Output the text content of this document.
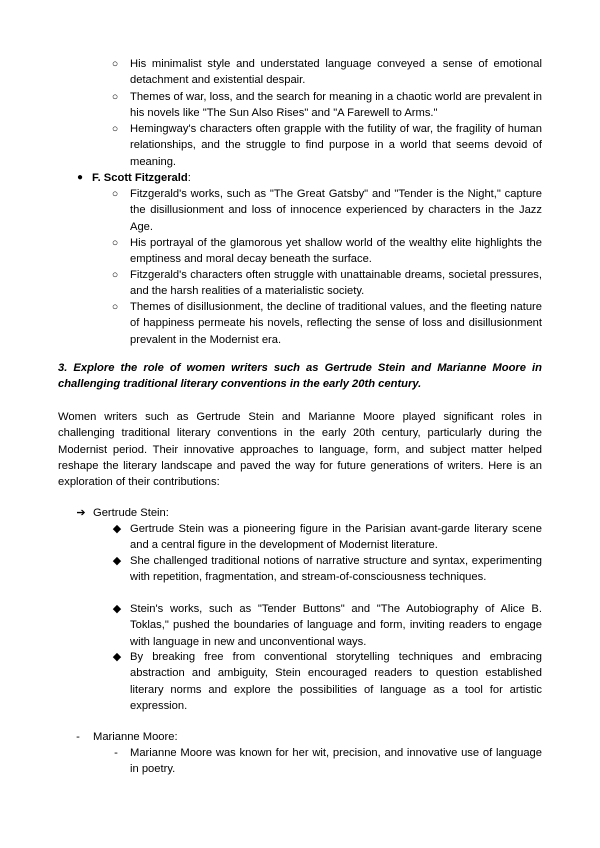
○	His minimalist style and understated language conveyed a sense of emotional detachment and existential despair.
○	Themes of war, loss, and the search for meaning in a chaotic world are prevalent in his novels like "The Sun Also Rises" and "A Farewell to Arms."
○	Hemingway's characters often grapple with the futility of war, the fragility of human relationships, and the struggle to find purpose in a world that seems devoid of meaning.
● F. Scott Fitzgerald:
○	Fitzgerald's works, such as "The Great Gatsby" and "Tender is the Night," capture the disillusionment and loss of innocence experienced by characters in the Jazz Age.
○	His portrayal of the glamorous yet shallow world of the wealthy elite highlights the emptiness and moral decay beneath the surface.
○	Fitzgerald's characters often struggle with unattainable dreams, societal pressures, and the harsh realities of a materialistic society.
○	Themes of disillusionment, the decline of traditional values, and the fleeting nature of happiness permeate his novels, reflecting the sense of loss and disillusionment prevalent in the Modernist era.
3. Explore the role of women writers such as Gertrude Stein and Marianne Moore in challenging traditional literary conventions in the early 20th century.
Women writers such as Gertrude Stein and Marianne Moore played significant roles in challenging traditional literary conventions in the early 20th century, particularly during the Modernist period. Their innovative approaches to language, form, and subject matter helped reshape the literary landscape and paved the way for future generations of writers. Here is an exploration of their contributions:
➔ Gertrude Stein:
◆ Gertrude Stein was a pioneering figure in the Parisian avant-garde literary scene and a central figure in the development of Modernist literature.
◆ She challenged traditional notions of narrative structure and syntax, experimenting with repetition, fragmentation, and stream-of-consciousness techniques.
◆ Stein's works, such as "Tender Buttons" and "The Autobiography of Alice B. Toklas," pushed the boundaries of language and form, inviting readers to engage with language in new and unconventional ways.
◆ By breaking free from conventional storytelling techniques and embracing abstraction and ambiguity, Stein encouraged readers to question established literary norms and explore the possibilities of language as a tool for artistic expression.
-	Marianne Moore:
-	Marianne Moore was known for her wit, precision, and innovative use of language in poetry.
